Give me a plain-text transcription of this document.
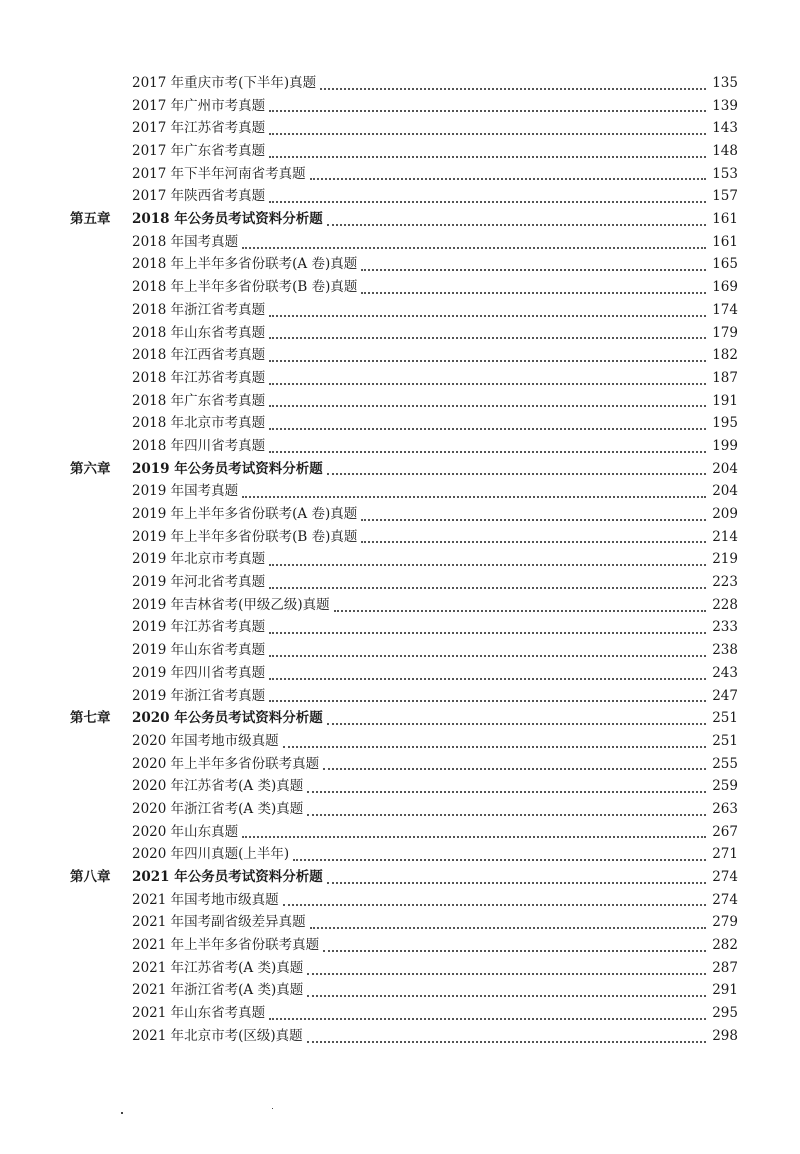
2017 年重庆市考(下半年)真题	135
2017 年广州市考真题	139
2017 年江苏省考真题	143
2017 年广东省考真题	148
2017 年下半年河南省考真题	153
2017 年陕西省考真题	157
第五章	2018 年公务员考试资料分析题	161
2018 年国考真题	161
2018 年上半年多省份联考(A 卷)真题	165
2018 年上半年多省份联考(B 卷)真题	169
2018 年浙江省考真题	174
2018 年山东省考真题	179
2018 年江西省考真题	182
2018 年江苏省考真题	187
2018 年广东省考真题	191
2018 年北京市考真题	195
2018 年四川省考真题	199
第六章	2019 年公务员考试资料分析题	204
2019 年国考真题	204
2019 年上半年多省份联考(A 卷)真题	209
2019 年上半年多省份联考(B 卷)真题	214
2019 年北京市考真题	219
2019 年河北省考真题	223
2019 年吉林省考(甲级乙级)真题	228
2019 年江苏省考真题	233
2019 年山东省考真题	238
2019 年四川省考真题	243
2019 年浙江省考真题	247
第七章	2020 年公务员考试资料分析题	251
2020 年国考地市级真题	251
2020 年上半年多省份联考真题	255
2020 年江苏省考(A 类)真题	259
2020 年浙江省考(A 类)真题	263
2020 年山东真题	267
2020 年四川真题(上半年)	271
第八章	2021 年公务员考试资料分析题	274
2021 年国考地市级真题	274
2021 年国考副省级差异真题	279
2021 年上半年多省份联考真题	282
2021 年江苏省考(A 类)真题	287
2021 年浙江省考(A 类)真题	291
2021 年山东省考真题	295
2021 年北京市考(区级)真题	298
